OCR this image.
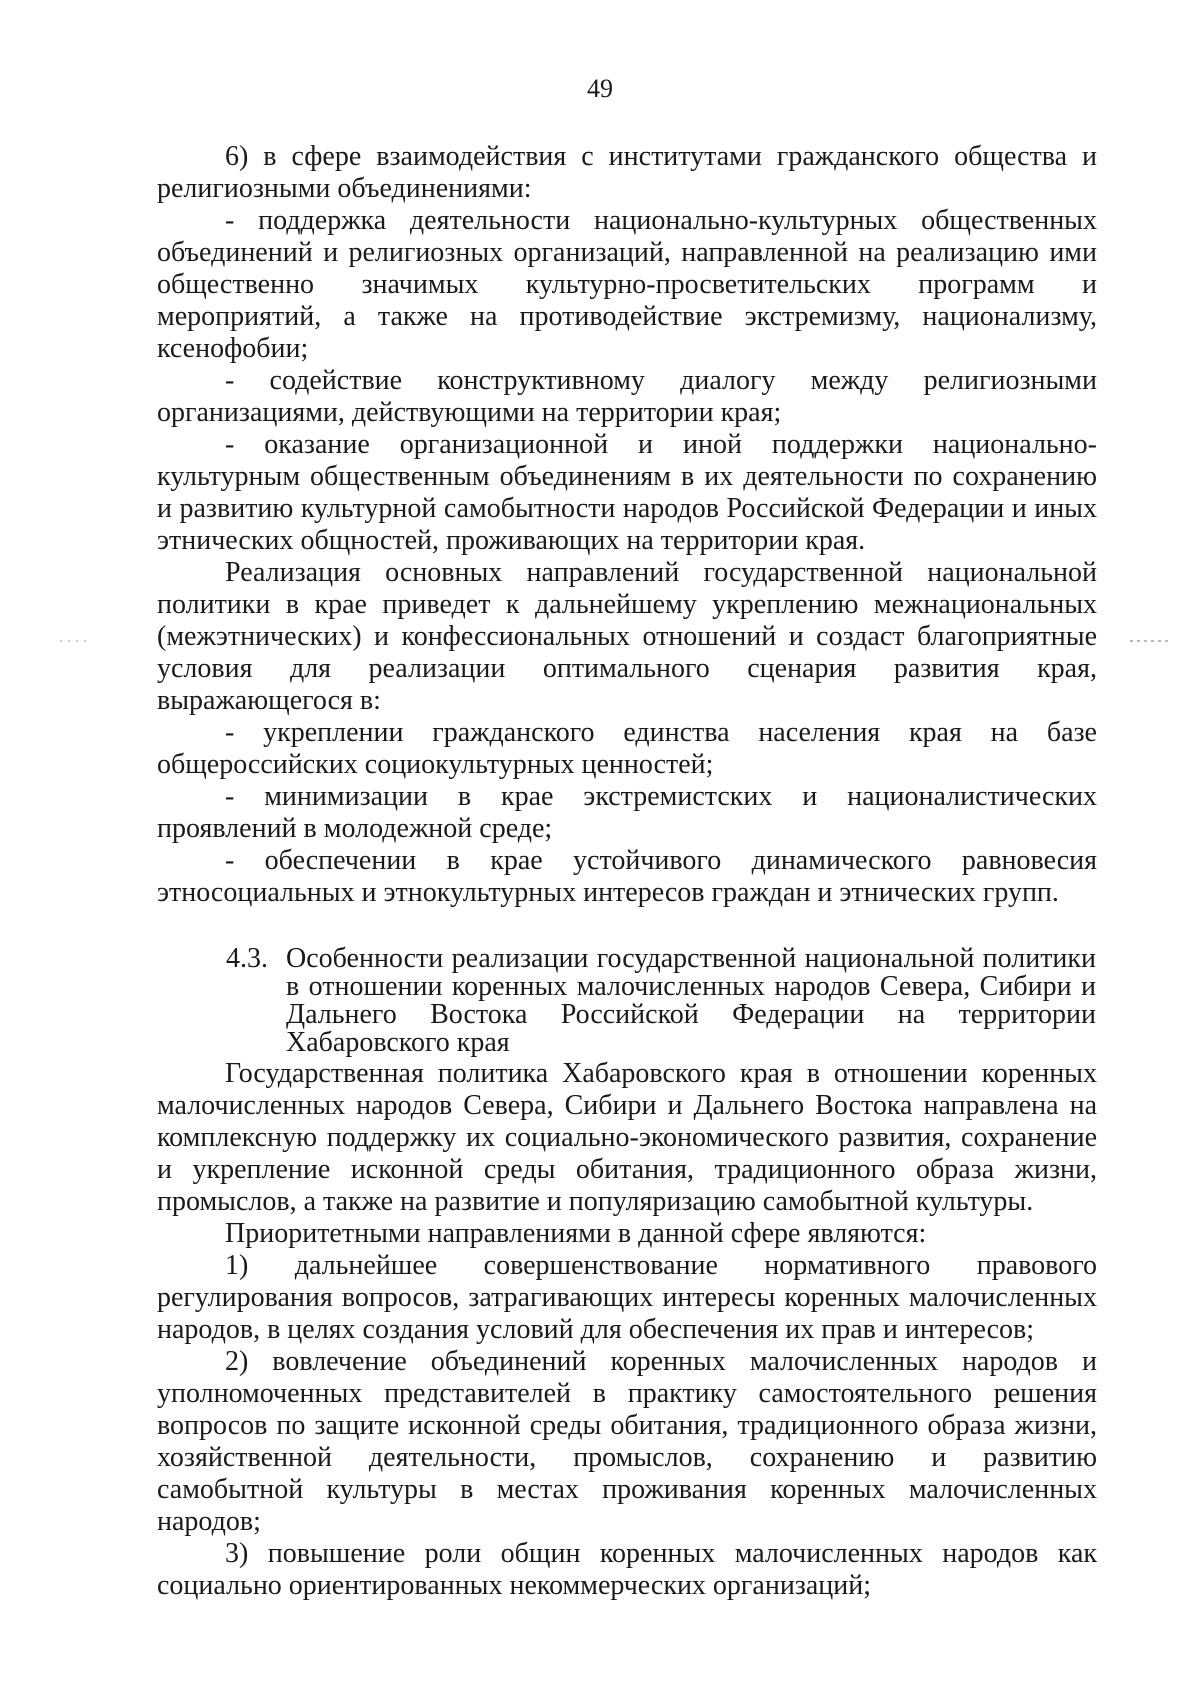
49

6) в сфере взаимодействия с институтами гражданского общества и религиозными объединениями:

- поддержка деятельности национально-культурных общественных объединений и религиозных организаций, направленной на реализацию ими общественно значимых культурно-просветительских программ и мероприятий, а также на противодействие экстремизму, национализму, ксенофобии;

- содействие конструктивному диалогу между религиозными организациями, действующими на территории края;

- оказание организационной и иной поддержки национально-культурным общественным объединениям в их деятельности по сохранению и развитию культурной самобытности народов Российской Федерации и иных этнических общностей, проживающих на территории края.

Реализация основных направлений государственной национальной политики в крае приведет к дальнейшему укреплению межнациональных (межэтнических) и конфессиональных отношений и создаст благоприятные условия для реализации оптимального сценария развития края, выражающегося в:

- укреплении гражданского единства населения края на базе общероссийских социокультурных ценностей;

- минимизации в крае экстремистских и националистических проявлений в молодежной среде;

- обеспечении в крае устойчивого динамического равновесия этносоциальных и этнокультурных интересов граждан и этнических групп.

4.3. Особенности реализации государственной национальной политики в отношении коренных малочисленных народов Севера, Сибири и Дальнего Востока Российской Федерации на территории Хабаровского края

Государственная политика Хабаровского края в отношении коренных малочисленных народов Севера, Сибири и Дальнего Востока направлена на комплексную поддержку их социально-экономического развития, сохранение и укрепление исконной среды обитания, традиционного образа жизни, промыслов, а также на развитие и популяризацию самобытной культуры.

Приоритетными направлениями в данной сфере являются:

1) дальнейшее совершенствование нормативного правового регулирования вопросов, затрагивающих интересы коренных малочисленных народов, в целях создания условий для обеспечения их прав и интересов;

2) вовлечение объединений коренных малочисленных народов и уполномоченных представителей в практику самостоятельного решения вопросов по защите исконной среды обитания, традиционного образа жизни, хозяйственной деятельности, промыслов, сохранению и развитию самобытной культуры в местах проживания коренных малочисленных народов;

3) повышение роли общин коренных малочисленных народов как социально ориентированных некоммерческих организаций;
